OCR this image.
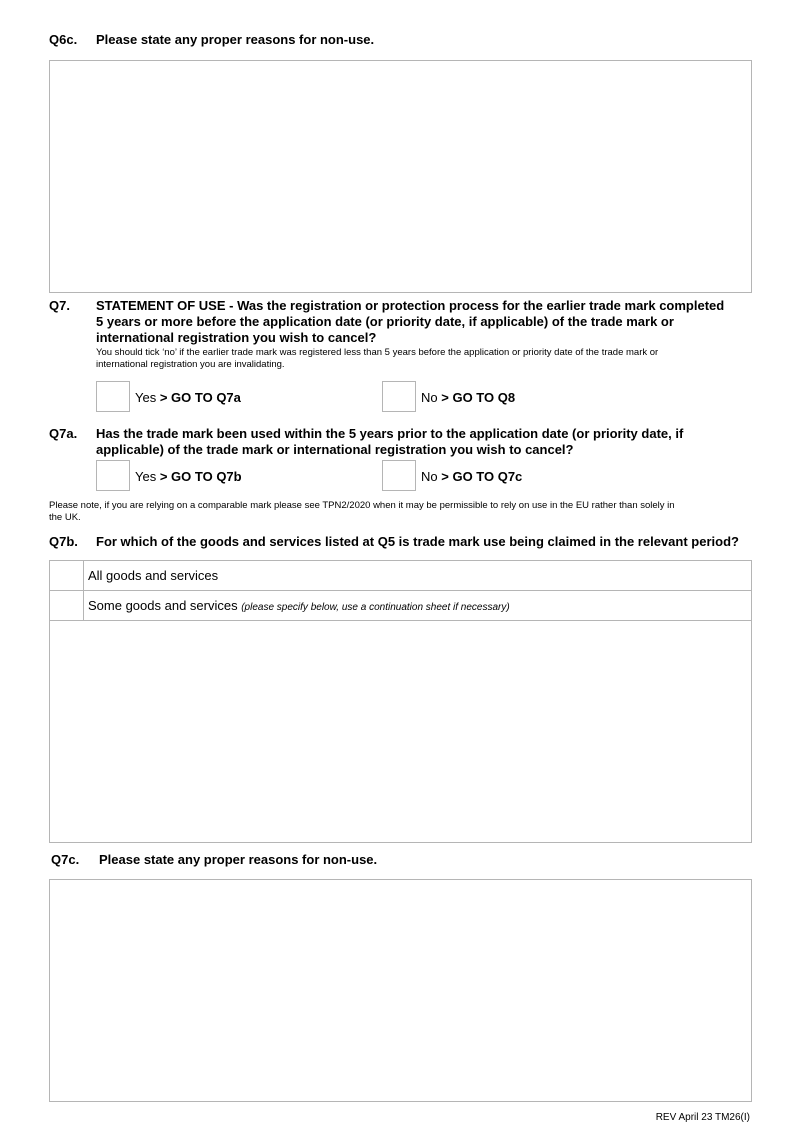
Q6c. Please state any proper reasons for non-use.
Q7. STATEMENT OF USE - Was the registration or protection process for the earlier trade mark completed
5 years or more before the application date (or priority date, if applicable) of the trade mark or
international registration you wish to cancel?
You should tick ‘no’ if the earlier trade mark was registered less than 5 years before the application or priority date of the trade mark or
international registration you are invalidating.
Yes > GO TO Q7a	No > GO TO Q8
Q7a. Has the trade mark been used within the 5 years prior to the application date (or priority date, if
applicable) of the trade mark or international registration you wish to cancel?
Yes > GO TO Q7b	No > GO TO Q7c
Please note, if you are relying on a comparable mark please see TPN2/2020 when it may be permissible to rely on use in the EU rather than solely in
the UK.
Q7b. For which of the goods and services listed at Q5 is trade mark use being claimed in the relevant period?
All goods and services
Some goods and services (please specify below, use a continuation sheet if necessary)
Q7c. Please state any proper reasons for non-use.
REV April 23 TM26(I)
